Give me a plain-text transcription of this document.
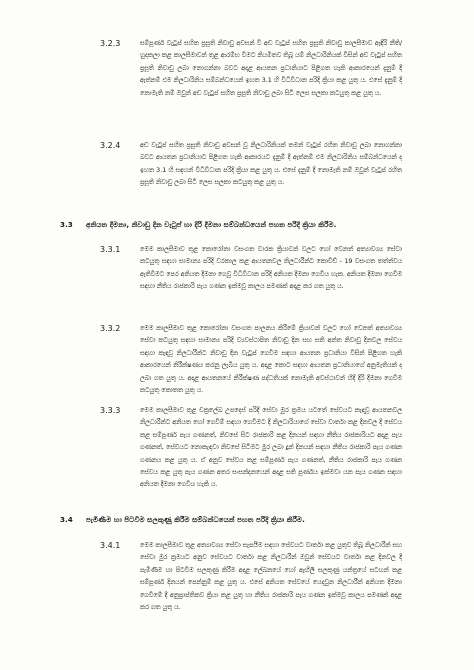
3.2.3	සම්පූර්ණ වැටුප් සහිත ප්‍රසූති නිවාඩු අවසන් වී අඩ වැටුප් සහිත ප්‍රසූති නිවාඩු කාලසීමාව ඇඳිරි නීති/ හුදකලා කළ කාලසීමාවන් තුළ ආරම්භ වීමට නියමිතව තිබූ යම් නිලධාරිනියක් විසින් අඩ වැටුප් සහිත ප්‍රසූති නිවාඩු ලබා නොගන්නා බවට අදාළ ආයතන ප්‍රධානියාට පිළිගත හැකි ආකාරයෙන් දැනුම් දී ඇත්නම් එම නිලධාරිනිය සම්බන්ධයෙන් ඉහත 3.1 හි විධිවිධාන පරිදි ක්‍රියා කළ යුතු ය. එසේ දැනුම් දී නොමැති නම් ඔවුන් අඩ වැටුප් සහිත ප්‍රසූති නිවාඩු ලබා සිටි ලෙස සලකා කටයුතු කළ යුතු ය.
3.2.4	අඩ වැටුප් සහිත ප්‍රසූති නිවාඩු අවසන් වූ නිලධාරිනියක් තමන් වැටුප් රහිත නිවාඩු ලබා නොගන්නා බවට ආයතන ප්‍රධානියාට පිළිගත හැකි ආකාරයට දැනුම් දී ඇත්නම් එම නිලධාරිනිය සම්බන්ධයෙන් ද ඉහත 3.1 හි සඳහන් විධිවිධාන පරිදි ක්‍රියා කළ යුතු ය. එසේ දැනුම් දී නොමැති නම් ඔවුන් වැටුප් රහිත ප්‍රසූති නිවාඩු ලබා සිටි ලෙස සලකා කටයුතු කළ යුතු ය.
3.3 අනියත දීමනා, නිවාඩු දින වැටුප් හා දිරි දීමනා සම්බන්ධයෙන් පහත පරිදි ක්‍රියා කිරීම.
3.3.1	මෙම කාලසීමාව තුළ කොරෝනා වසංගත වාරක ක්‍රියාවන් වලට හෝ වෙනත් අත්‍යාවශ්‍ය සේවා කටයුතු සඳහා සාමාන්‍ය පරිදි වරකාල කළ ආයතනවල නිලධාරීන්ට කොවිඩ් - 19 වසංගත තත්ත්වය ඇතිවීමට පෙර අනියත දීමනා ගෙවූ විධිවිධාන පරිදි අනියත දීමනා ගෙවිය හැක. අනියත දීමනා ගෙවීම සඳහා නීතිය රාජකාරි පැය ගණන ඉක්මවූ කාලය පමණක් අදාළ කර ගත යුතු ය.
3.3.2	මෙම කාලසීමාව තුළ කොරෝනා වසංගත පාලනය කිරීමේ ක්‍රියාවන් වලට හෝ වෙනත් අත්‍යාවශ්‍ය සේවා කටයුතු සඳහා සාමාන්‍ය පරිදි ව්‍යවස්ථාපිත නිවාඩු දින සහ සති අන්ත නිවාඩු දිනවල සේවය සඳහා කැඳවූ නිලධාරීන්ට නිවාඩු දින වැටුප් ගෙවීම සඳහා ආයතන ප්‍රධානියා විසින් පිළිගත හැකි ආකාරයෙන් නිරීක්ෂණය කරනු ලැබිය යුතු ය. අදාළ කොට සඳහා ආයතන ප්‍රධානියාගේ අනුමැතියක් ද ලබා ගත යුතු ය. අදාළ ආයතනයේ නිරීක්ෂණ පද්ධතියක් නොමැති අවස්ථාවන් හිදී දිරි දීමනා ගෙවීම කටයුතු කොතත යුතු ය.
3.3.3	මෙම කාලසීමාව තුළ චක්‍රලේඛ උපදෙස් පරිදි සේවා මුර ක්‍රමය යටතේ සේවයට කැඳවූ ආයතනවල නිලධාරීන්ට අනියත හෝ ගෙවීම් සඳහා ගෙවීමට දී නිලධාරියාගේ සේවා වාර්තා කළ දිනවල දී සේවය කළ සම්පූර්ණ පැය ගණනත්, නිවසේ සිට රාජකාරි කළ දිනයන් සඳහා නීතිය රාජකාරියට අදාළ පැය ගණනත්, සේවයට නොකැඳවා නිවසේ සිටීමට මුර ලබා දුන් දිනයන් සඳහා නීතිය රාජකාරි පැය ගණන ගණනය කළ යුතු ය. ඒ අනුව සේවය කළ සම්පූර්ණ පැය ගණනත්, නීතිය රාජකාරි පැය ගණන සේවය කළ යුතු පැය ගණන අතර සංසන්දනයෙන් අදාළ සති පූර්ණය ඉක්මවා යන පැය ගණන සඳහා අනියත දීමනා ගෙවිය හැකි ය.
3.4 පැමිණීම හා පිටවීම සලකුණු කිරීම සම්බන්ධයෙන් පහත පරිදි ක්‍රියා කිරීම.
3.4.1	මෙම කාලසීමාව තුළ අත්‍යාවශ්‍ය සේවා සැපයීම සඳහා සේවයට වාර්තා කළ යුතුව තිබූ නිලධාරීන් සහ සේවා මුර ක්‍රමයට අනුව සේවයට වාර්තා කළ නිලධාරීන් ඔවුන් සේවයට වාර්තා කළ දිනවල දී පැමිණීම හා පිටවීම සලකුණු කිරීම අදාළ ලේඛනයේ හෝ ඇඟිලි සලකුණු යන්ත්‍රයේ සටහන් කළ සම්පූර්ණ දිනයන් පෙන්නුම් කළ යුතු ය. එසේ අනියත සේවයේ යෙදවුන නිලධාරීන් අනියත දීමනා ගෙවීමේ දී අනුප්‍රාප්තිකව ක්‍රියා කළ යුතු හා නීතිය රාජකාරි පැය ගණන ඉක්මවූ කාලය පමණක් අදාළ කර ගත යුතු ය.
